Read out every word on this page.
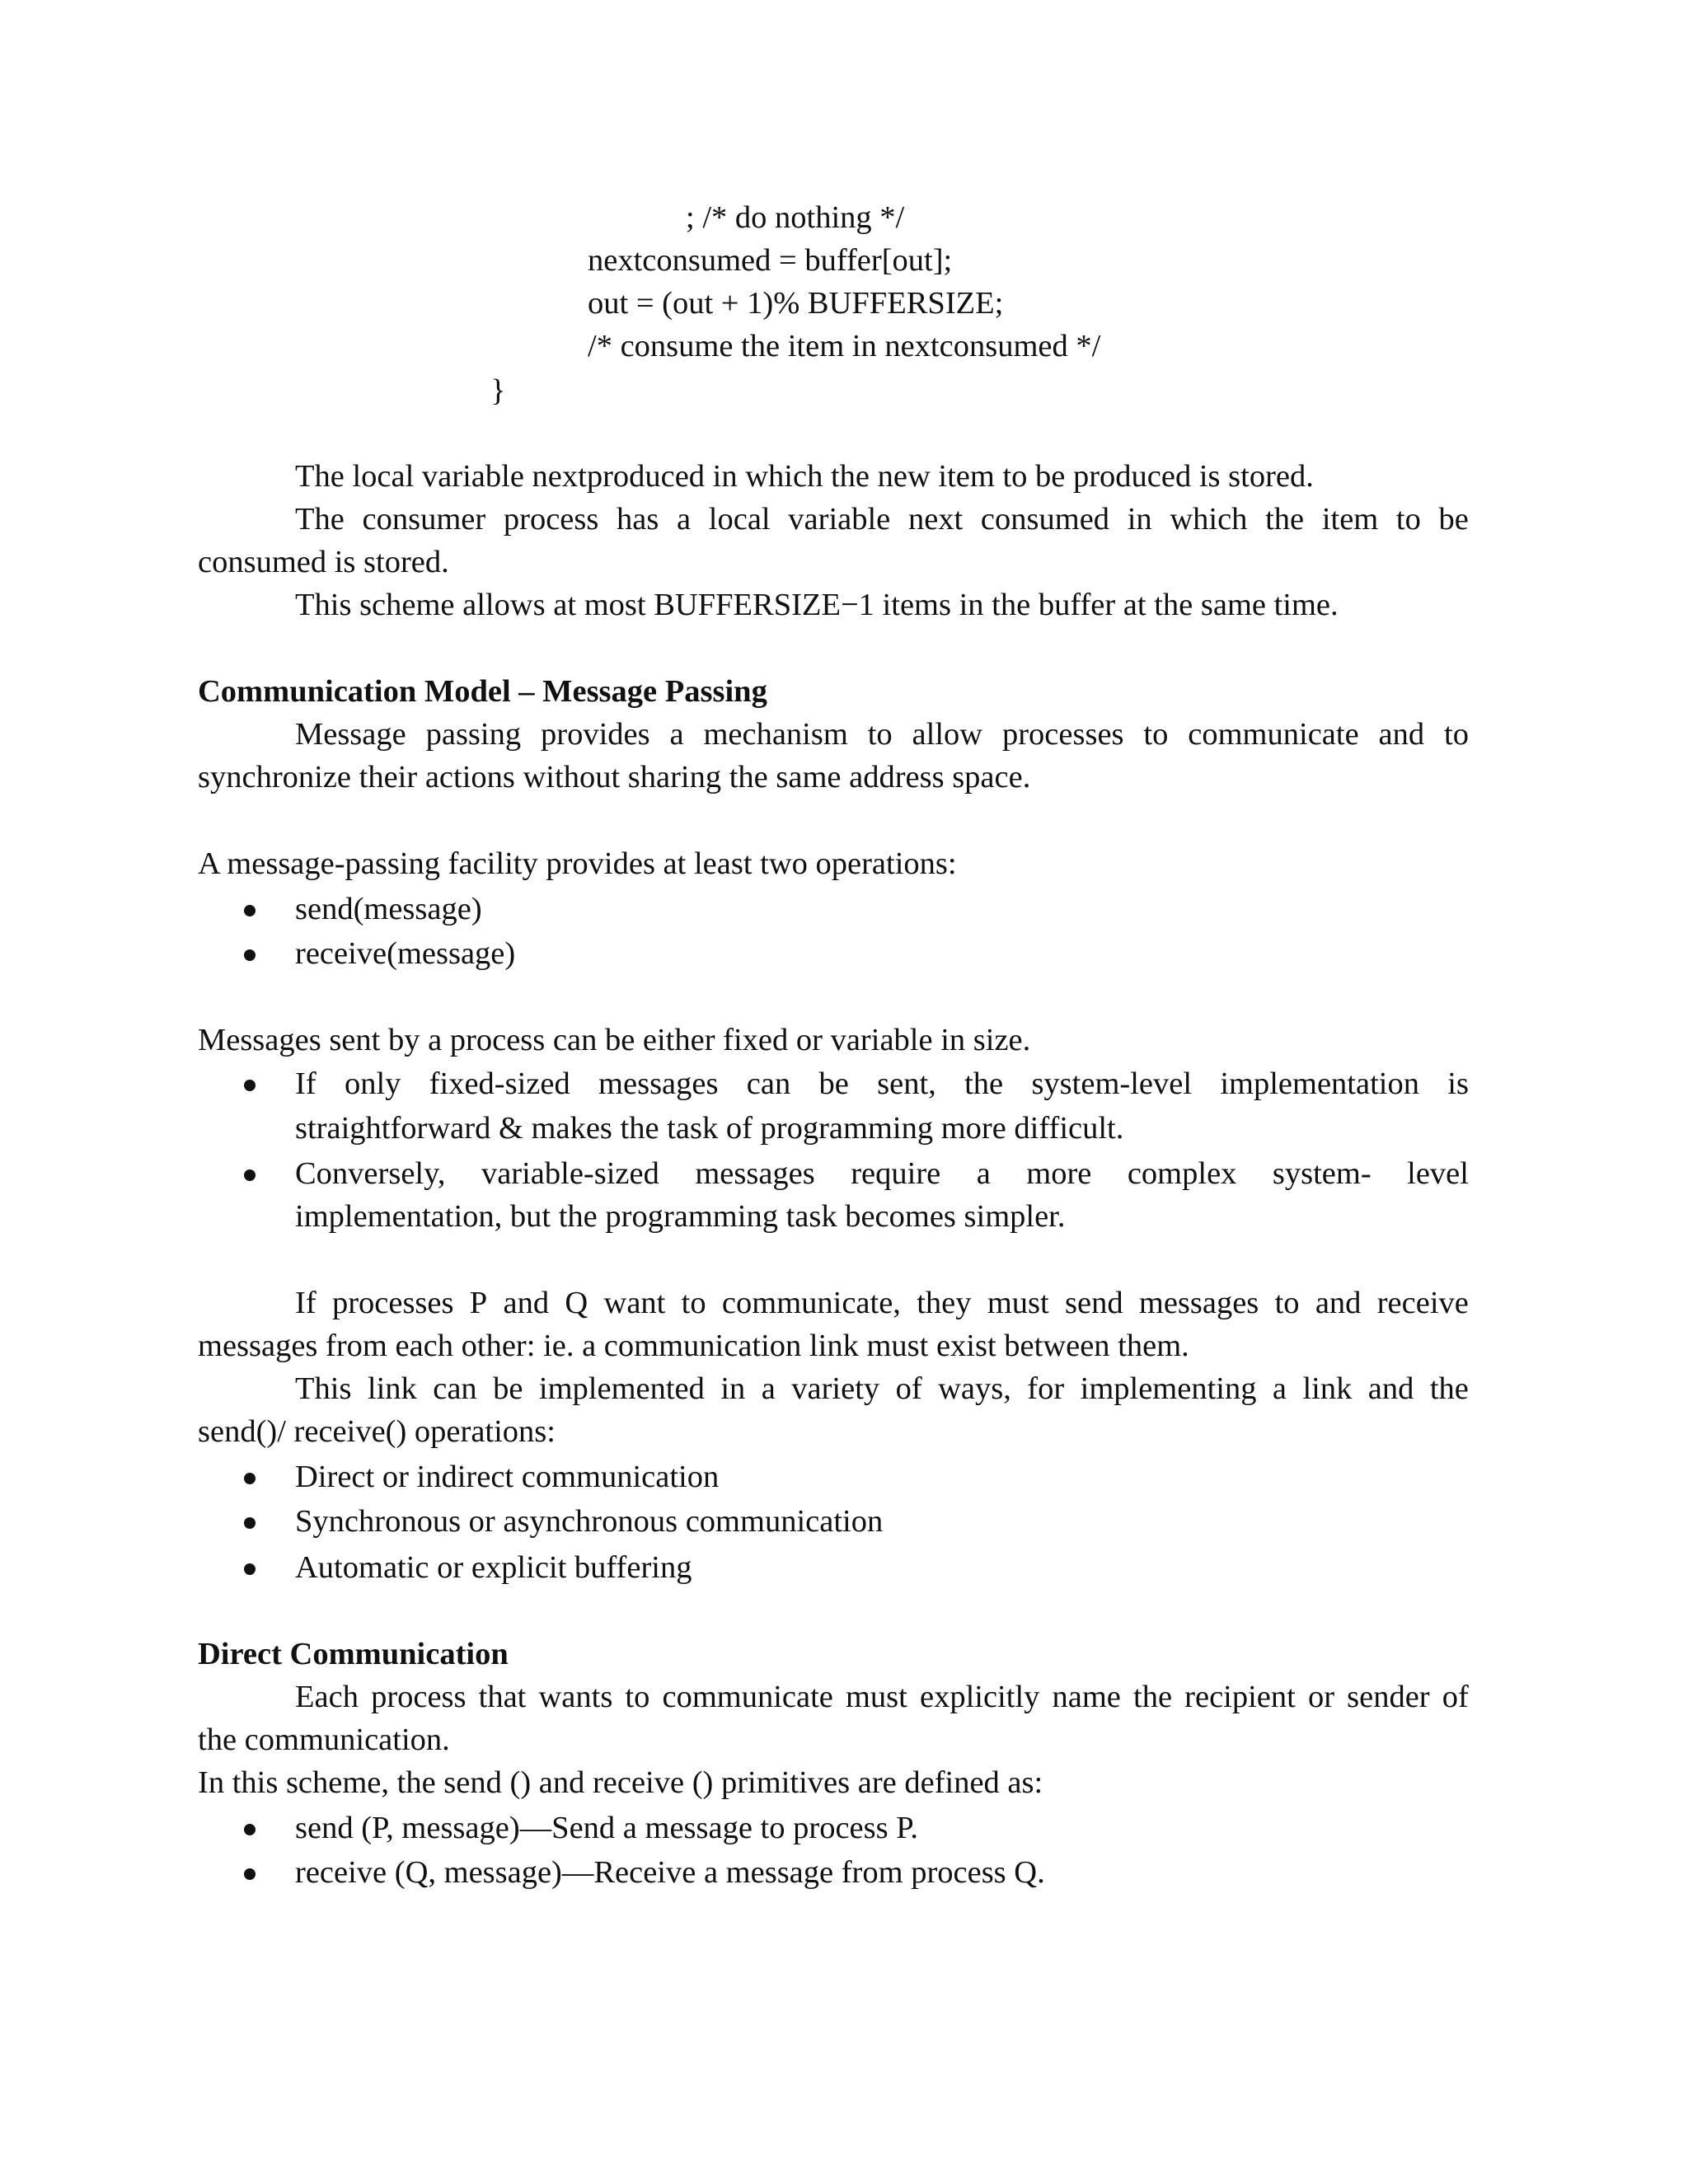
; /* do nothing */
nextconsumed = buffer[out];
out = (out + 1)% BUFFERSIZE;
/* consume the item in nextconsumed */
}
The local variable nextproduced in which the new item to be produced is stored.
The consumer process has a local variable next consumed in which the item to be
consumed is stored.
This scheme allows at most BUFFERSIZE−1 items in the buffer at the same time.
Communication Model – Message Passing
Message passing provides a mechanism to allow processes to communicate and to
synchronize their actions without sharing the same address space.
A message-passing facility provides at least two operations:
send(message)
receive(message)
Messages sent by a process can be either fixed or variable in size.
If only fixed-sized messages can be sent, the system-level implementation is
straightforward & makes the task of programming more difficult.
Conversely, variable-sized messages require a more complex system- level
implementation, but the programming task becomes simpler.
If processes P and Q want to communicate, they must send messages to and receive
messages from each other: ie. a communication link must exist between them.
This link can be implemented in a variety of ways, for implementing a link and the
send()/ receive() operations:
Direct or indirect communication
Synchronous or asynchronous communication
Automatic or explicit buffering
Direct Communication
Each process that wants to communicate must explicitly name the recipient or sender of
the communication.
In this scheme, the send () and receive () primitives are defined as:
send (P, message)—Send a message to process P.
receive (Q, message)—Receive a message from process Q.
